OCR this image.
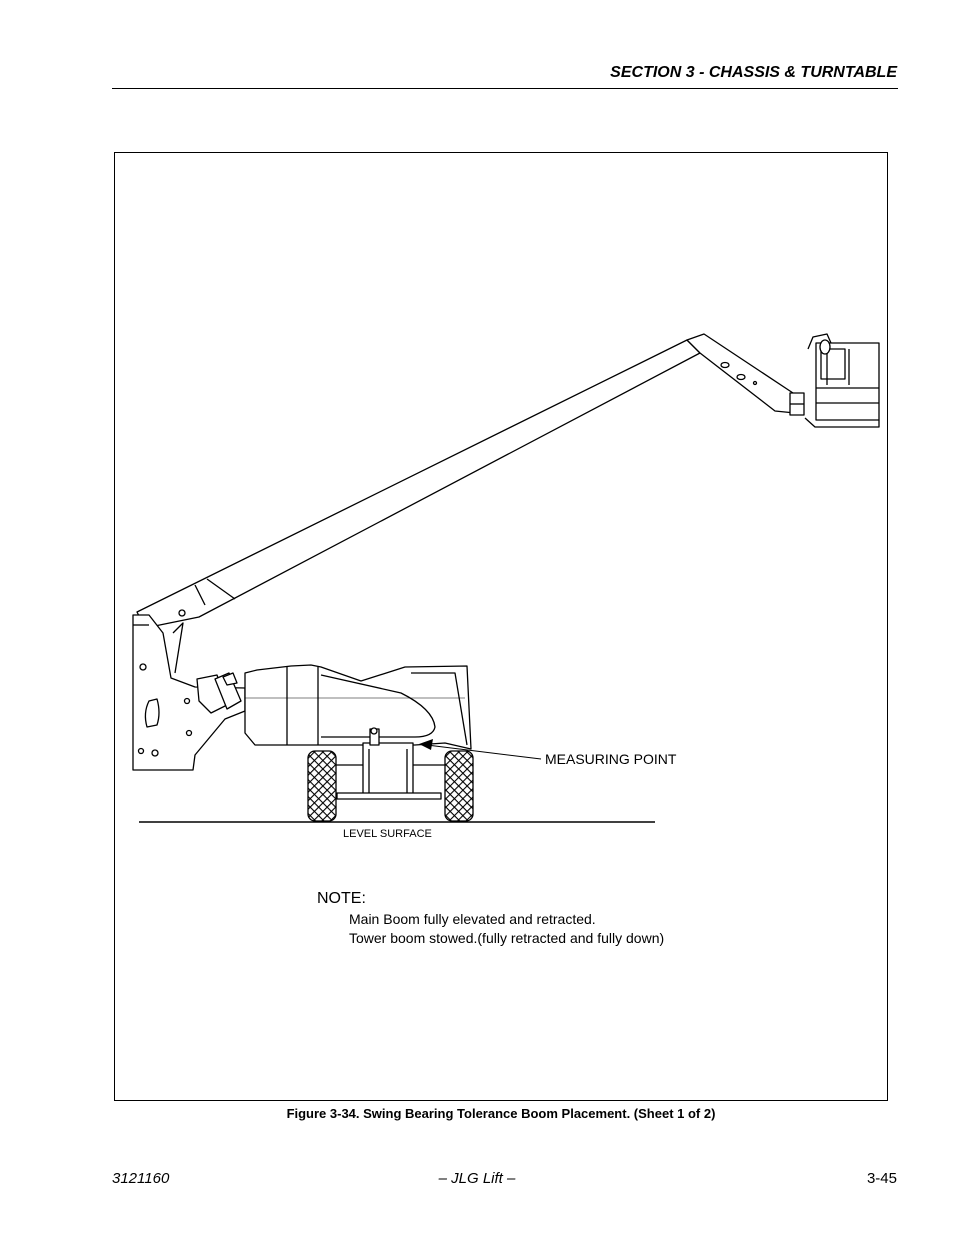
SECTION 3 - CHASSIS & TURNTABLE
MEASURING POINT
LEVEL SURFACE
NOTE:
Main Boom fully elevated and retracted.
Tower boom stowed.(fully retracted and fully down)
Figure 3-34. Swing Bearing Tolerance Boom Placement. (Sheet 1 of 2)
3121160	– JLG Lift –	3-45
